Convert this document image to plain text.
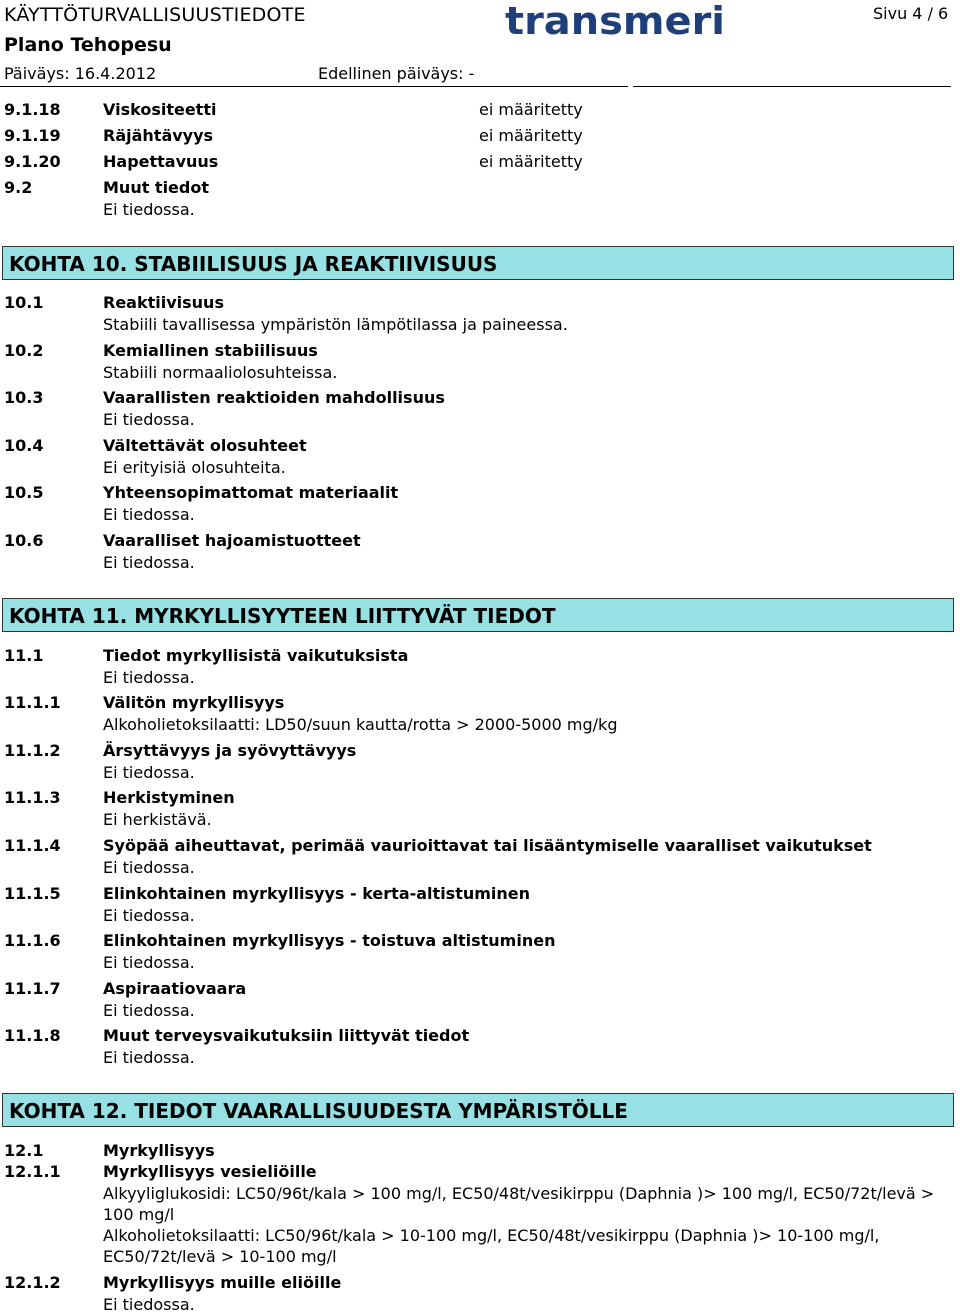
KÄYTTÖTURVALLISUUSTIEDOTE
Plano Tehopesu
Päiväys: 16.4.2012	Edellinen päiväys: -
Sivu 4 / 6
transmeri
9.1.18	Viskositeetti	ei määritetty
9.1.19	Räjähtävyys	ei määritetty
9.1.20	Hapettavuus	ei määritetty
9.2	Muut tiedot
Ei tiedossa.
KOHTA 10. STABIILISUUS JA REAKTIIVISUUS
10.1	Reaktiivisuus
Stabiili tavallisessa ympäristön lämpötilassa ja paineessa.
10.2	Kemiallinen stabiilisuus
Stabiili normaaliolosuhteissa.
10.3	Vaarallisten reaktioiden mahdollisuus
Ei tiedossa.
10.4	Vältettävät olosuhteet
Ei erityisiä olosuhteita.
10.5	Yhteensopimattomat materiaalit
Ei tiedossa.
10.6	Vaaralliset hajoamistuotteet
Ei tiedossa.
KOHTA 11. MYRKYLLISYYTEEN LIITTYVÄT TIEDOT
11.1	Tiedot myrkyllisistä vaikutuksista
Ei tiedossa.
11.1.1	Välitön myrkyllisyys
Alkoholietoksilaatti: LD50/suun kautta/rotta > 2000-5000 mg/kg
11.1.2	Ärsyttävyys ja syövyttävyys
Ei tiedossa.
11.1.3	Herkistyminen
Ei herkistävä.
11.1.4	Syöpää aiheuttavat, perimää vaurioittavat tai lisääntymiselle vaaralliset vaikutukset
Ei tiedossa.
11.1.5	Elinkohtainen myrkyllisyys - kerta-altistuminen
Ei tiedossa.
11.1.6	Elinkohtainen myrkyllisyys - toistuva altistuminen
Ei tiedossa.
11.1.7	Aspiraatiovaara
Ei tiedossa.
11.1.8	Muut terveysvaikutuksiin liittyvät tiedot
Ei tiedossa.
KOHTA 12. TIEDOT VAARALLISUUDESTA YMPÄRISTÖLLE
12.1	Myrkyllisyys
12.1.1	Myrkyllisyys vesieliöille
Alkyyliglukosidi: LC50/96t/kala > 100 mg/l, EC50/48t/vesikirppu (Daphnia )> 100 mg/l, EC50/72t/levä > 100 mg/l
Alkoholietoksilaatti: LC50/96t/kala > 10-100 mg/l, EC50/48t/vesikirppu (Daphnia )> 10-100 mg/l, EC50/72t/levä > 10-100 mg/l
12.1.2	Myrkyllisyys muille eliöille
Ei tiedossa.
